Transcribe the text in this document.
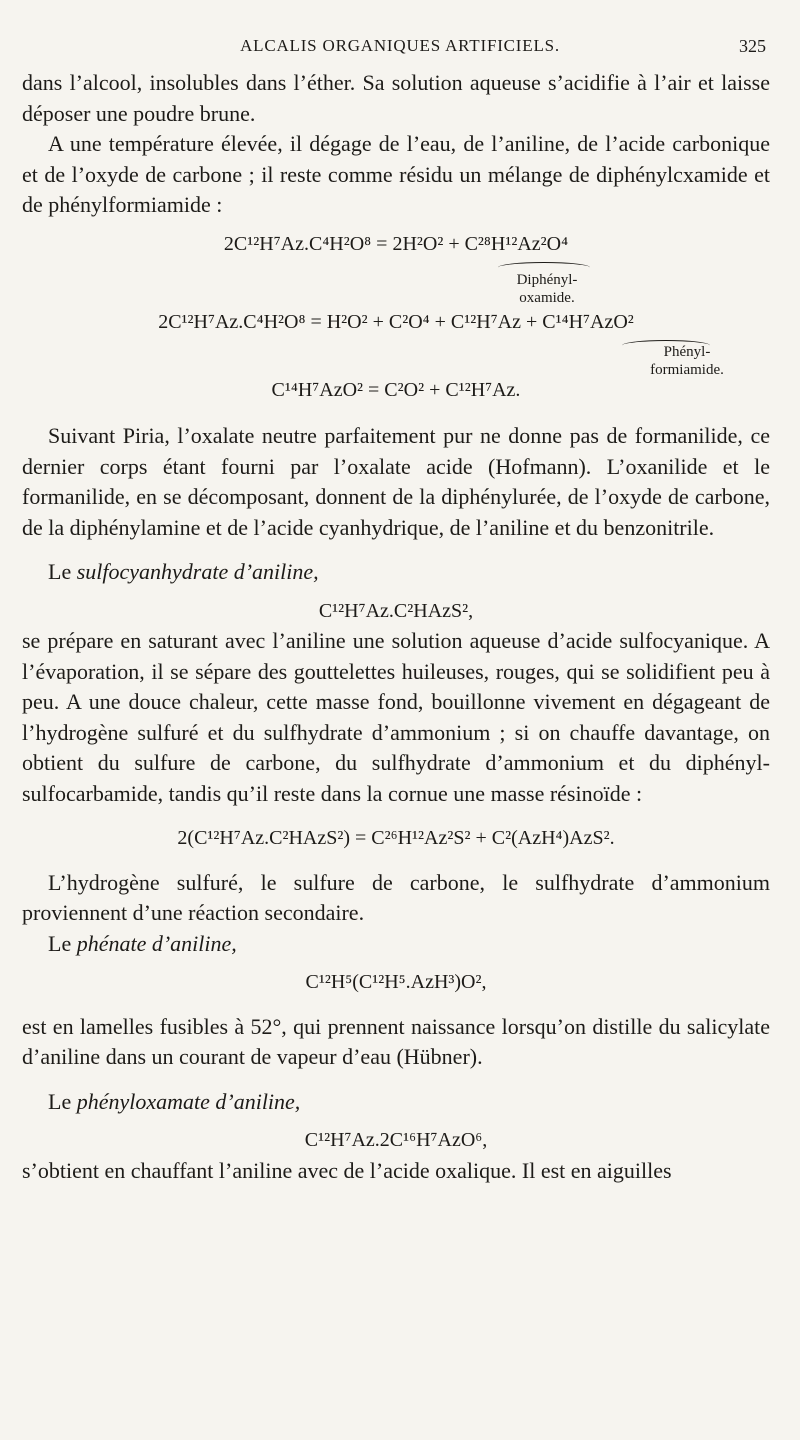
ALCALIS ORGANIQUES ARTIFICIELS.	325

dans l’alcool, insolubles dans l’éther. Sa solution aqueuse s’acidifie à l’air et laisse déposer une poudre brune.

A une température élevée, il dégage de l’eau, de l’aniline, de l’acide carbonique et de l’oxyde de carbone ; il reste comme résidu un mélange de diphénylcxamide et de phénylformiamide :

2C¹²H⁷Az.C⁴H²O⁸ = 2H²O² + C²⁸H¹²Az²O⁴
Diphényl-
oxamide.
2C¹²H⁷Az.C⁴H²O⁸ = H²O² + C²O⁴ + C¹²H⁷Az + C¹⁴H⁷AzO²
Phényl-
formiamide.
C¹⁴H⁷AzO² = C²O² + C¹²H⁷Az.

Suivant Piria, l’oxalate neutre parfaitement pur ne donne pas de formanilide, ce dernier corps étant fourni par l’oxalate acide (Hofmann). L’oxanilide et le formanilide, en se décomposant, donnent de la diphénylurée, de l’oxyde de carbone, de la diphénylamine et de l’acide cyanhydrique, de l’aniline et du benzonitrile.

Le sulfocyanhydrate d’aniline,

C¹²H⁷Az.C²HAzS²,

se prépare en saturant avec l’aniline une solution aqueuse d’acide sulfocyanique. A l’évaporation, il se sépare des gouttelettes huileuses, rouges, qui se solidifient peu à peu. A une douce chaleur, cette masse fond, bouillonne vivement en dégageant de l’hydrogène sulfuré et du sulfhydrate d’ammonium ; si on chauffe davantage, on obtient du sulfure de carbone, du sulfhydrate d’ammonium et du diphényl-sulfocarbamide, tandis qu’il reste dans la cornue une masse résinoïde :

2(C¹²H⁷Az.C²HAzS²) = C²⁶H¹²Az²S² + C²(AzH⁴)AzS².

L’hydrogène sulfuré, le sulfure de carbone, le sulfhydrate d’ammonium proviennent d’une réaction secondaire.

Le phénate d’aniline,

C¹²H⁵(C¹²H⁵.AzH³)O²,

est en lamelles fusibles à 52°, qui prennent naissance lorsqu’on distille du salicylate d’aniline dans un courant de vapeur d’eau (Hübner).

Le phényloxamate d’aniline,

C¹²H⁷Az.2C¹⁶H⁷AzO⁶,

s’obtient en chauffant l’aniline avec de l’acide oxalique. Il est en aiguilles
